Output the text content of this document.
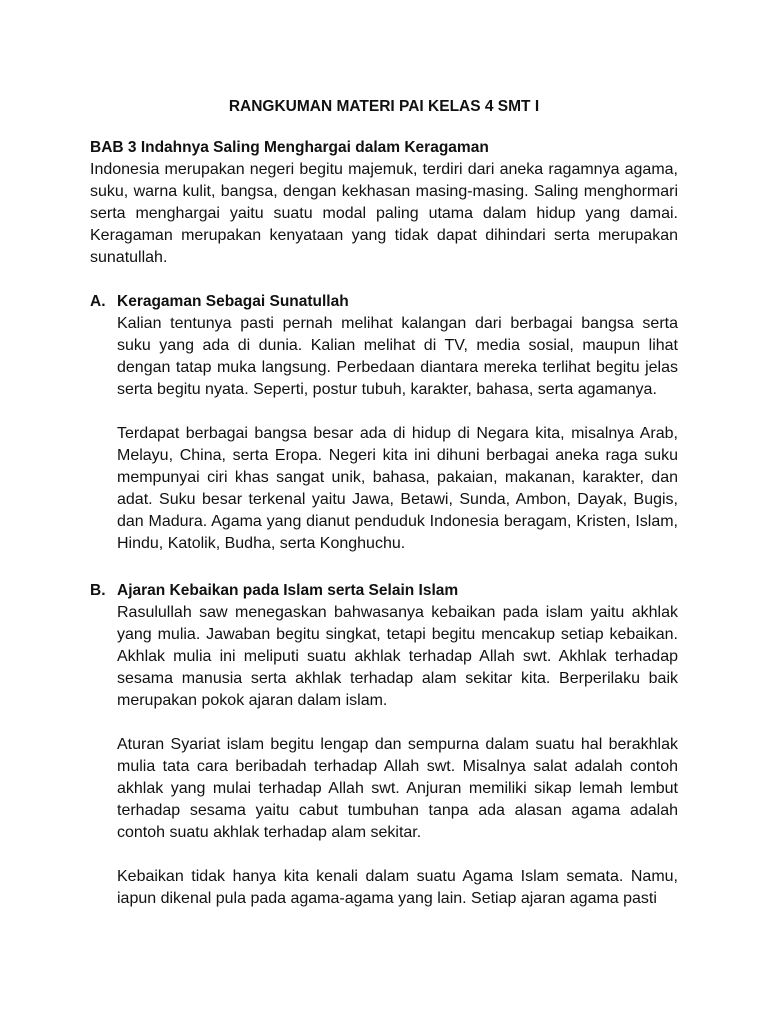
RANGKUMAN MATERI PAI KELAS 4 SMT I
BAB 3 Indahnya Saling Menghargai dalam Keragaman

Indonesia merupakan negeri begitu majemuk, terdiri dari aneka ragamnya agama, suku, warna kulit, bangsa, dengan kekhasan masing-masing. Saling menghormari serta menghargai yaitu suatu modal paling utama dalam hidup yang damai. Keragaman merupakan kenyataan yang tidak dapat dihindari serta merupakan sunatullah.

A. Keragaman Sebagai Sunatullah

Kalian tentunya pasti pernah melihat kalangan dari berbagai bangsa serta suku yang ada di dunia. Kalian melihat di TV, media sosial, maupun lihat dengan tatap muka langsung. Perbedaan diantara mereka terlihat begitu jelas serta begitu nyata. Seperti, postur tubuh, karakter, bahasa, serta agamanya.

Terdapat berbagai bangsa besar ada di hidup di Negara kita, misalnya Arab, Melayu, China, serta Eropa. Negeri kita ini dihuni berbagai aneka raga suku mempunyai ciri khas sangat unik, bahasa, pakaian, makanan, karakter, dan adat. Suku besar terkenal yaitu Jawa, Betawi, Sunda, Ambon, Dayak, Bugis, dan Madura. Agama yang dianut penduduk Indonesia beragam, Kristen, Islam, Hindu, Katolik, Budha, serta Konghuchu.

B. Ajaran Kebaikan pada Islam serta Selain Islam

Rasulullah saw menegaskan bahwasanya kebaikan pada islam yaitu akhlak yang mulia. Jawaban begitu singkat, tetapi begitu mencakup setiap kebaikan. Akhlak mulia ini meliputi suatu akhlak terhadap Allah swt. Akhlak terhadap sesama manusia serta akhlak terhadap alam sekitar kita. Berperilaku baik merupakan pokok ajaran dalam islam.

Aturan Syariat islam begitu lengap dan sempurna dalam suatu hal berakhlak mulia tata cara beribadah terhadap Allah swt. Misalnya salat adalah contoh akhlak yang mulai terhadap Allah swt. Anjuran memiliki sikap lemah lembut terhadap sesama yaitu cabut tumbuhan tanpa ada alasan agama adalah contoh suatu akhlak terhadap alam sekitar.

Kebaikan tidak hanya kita kenali dalam suatu Agama Islam semata. Namu, iapun dikenal pula pada agama-agama yang lain. Setiap ajaran agama pasti
